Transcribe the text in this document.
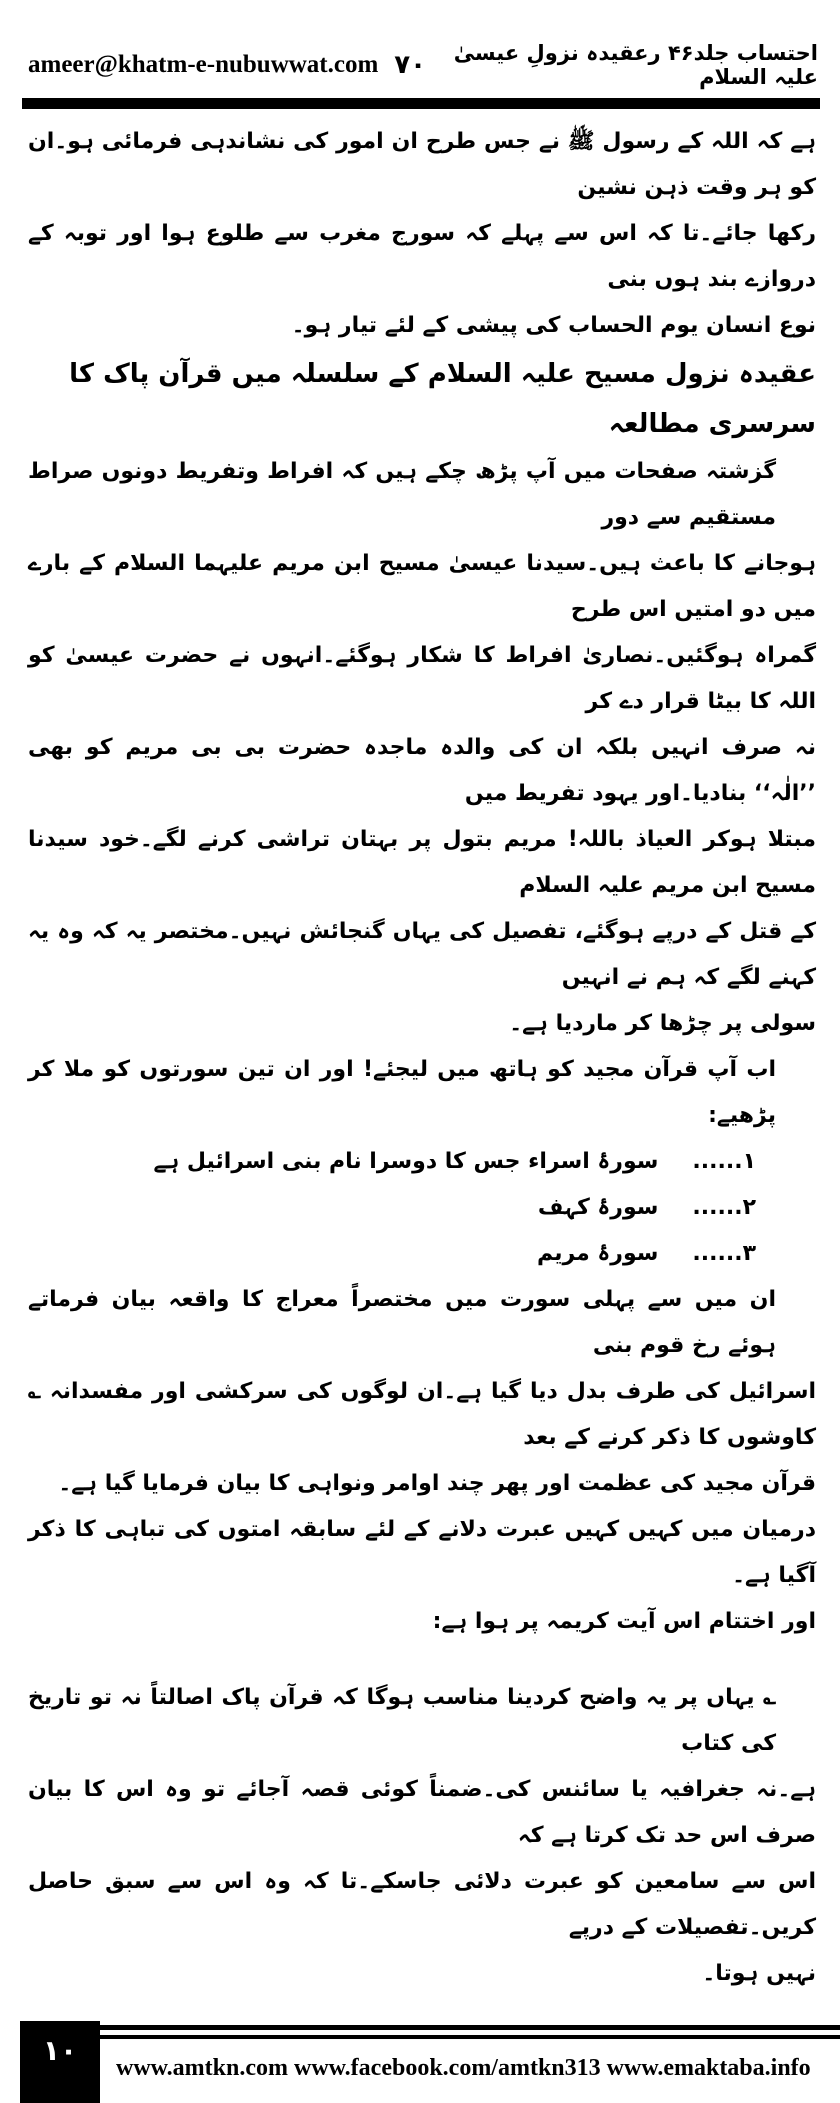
ameer@khatm-e-nubuwwat.com ۷۰	احتساب جلد۴۶ رعقیدہ نزولِ عیسیٰ علیہ السلام
ہے کہ اللہ کے رسول ﷺ نے جس طرح ان امور کی نشاندہی فرمائی ہو۔ان کو ہر وقت ذہن نشین
رکھا جائے۔تا کہ اس سے پہلے کہ سورج مغرب سے طلوع ہوا اور توبہ کے دروازے بند ہوں بنی
نوع انسان یوم الحساب کی پیشی کے لئے تیار ہو۔
عقیدہ نزول مسیح علیہ السلام کے سلسلہ میں قرآن پاک کا سرسری مطالعہ
گزشتہ صفحات میں آپ پڑھ چکے ہیں کہ افراط وتفریط دونوں صراط مستقیم سے دور
ہوجانے کا باعث ہیں۔سیدنا عیسیٰ مسیح ابن مریم علیہما السلام کے بارے میں دو امتیں اس طرح
گمراہ ہوگئیں۔نصاریٰ افراط کا شکار ہوگئے۔انہوں نے حضرت عیسیٰ کو اللہ کا بیٹا قرار دے کر
نہ صرف انہیں بلکہ ان کی والدہ ماجدہ حضرت بی بی مریم کو بھی ’’الٰہ‘‘ بنادیا۔اور یہود تفریط میں
مبتلا ہوکر العیاذ باللہ! مریم بتول پر بہتان تراشی کرنے لگے۔خود سیدنا مسیح ابن مریم علیہ السلام
کے قتل کے درپے ہوگئے، تفصیل کی یہاں گنجائش نہیں۔مختصر یہ کہ وہ یہ کہنے لگے کہ ہم نے انہیں
سولی پر چڑھا کر ماردیا ہے۔
اب آپ قرآن مجید کو ہاتھ میں لیجئے! اور ان تین سورتوں کو ملا کر پڑھیے:
۱......
سورۂ اسراء جس کا دوسرا نام بنی اسرائیل ہے
۲......
سورۂ کہف
۳......
سورۂ مریم
ان میں سے پہلی سورت میں مختصراً معراج کا واقعہ بیان فرماتے ہوئے رخ قوم بنی
اسرائیل کی طرف بدل دیا گیا ہے۔ان لوگوں کی سرکشی اور مفسدانہ ؎ کاوشوں کا ذکر کرنے کے بعد
قرآن مجید کی عظمت اور پھر چند اوامر ونواہی کا بیان فرمایا گیا ہے۔
درمیان میں کہیں کہیں عبرت دلانے کے لئے سابقہ امتوں کی تباہی کا ذکر آگیا ہے۔
اور اختتام اس آیت کریمہ پر ہوا ہے:
؎ یہاں پر یہ واضح کردینا مناسب ہوگا کہ قرآن پاک اصالتاً نہ تو تاریخ کی کتاب
ہے۔نہ جغرافیہ یا سائنس کی۔ضمناً کوئی قصہ آجائے تو وہ اس کا بیان صرف اس حد تک کرتا ہے کہ
اس سے سامعین کو عبرت دلائی جاسکے۔تا کہ وہ اس سے سبق حاصل کریں۔تفصیلات کے درپے
نہیں ہوتا۔
۱۰
www.amtkn.com www.facebook.com/amtkn313 www.emaktaba.info
